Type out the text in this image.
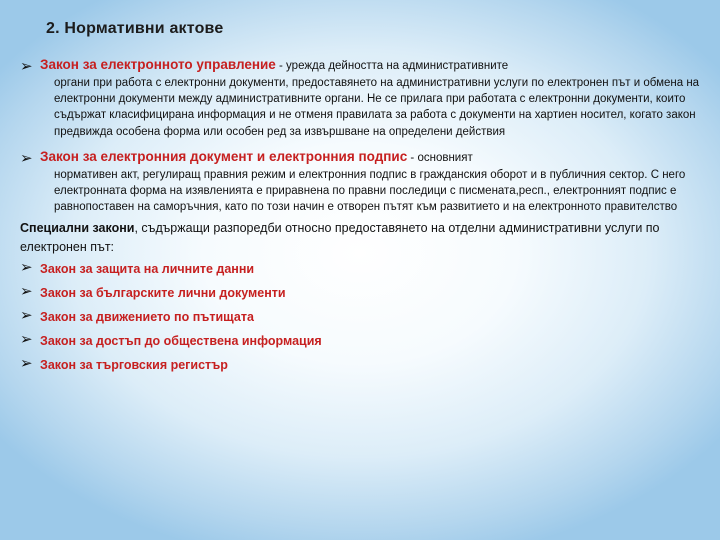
2. Нормативни актове
➢ Закон за електронното управление - урежда дейността на административните
органи при работа с електронни документи, предоставянето на административни услуги по електронен път и обмена на електронни документи между административните органи. Не се прилага при работата с електронни документи, които съдържат класифицирана информация и не отменя правилата за работа с документи на хартиен носител, когато закон предвижда особена форма или особен ред за извършване на определени действия
➢ Закон за електронния документ и електронния подпис - основният
нормативен акт, регулиращ правния режим и електронния подпис в гражданския оборот и в публичния сектор. С него електронната форма на изявленията е приравнена по правни последици с писмената,респ., електронният подпис е равнопоставен на саморъчния, като по този начин е отворен пътят към развитието и на електронното правителство
Специални закони, съдържащи разпоредби относно предоставянето на отделни административни услуги по електронен път:
➢ Закон за защита на личните данни
➢ Закон за българските лични документи
➢ Закон за движението по пътищата
➢ Закон за достъп до обществена информация
➢ Закон за търговския регистър
